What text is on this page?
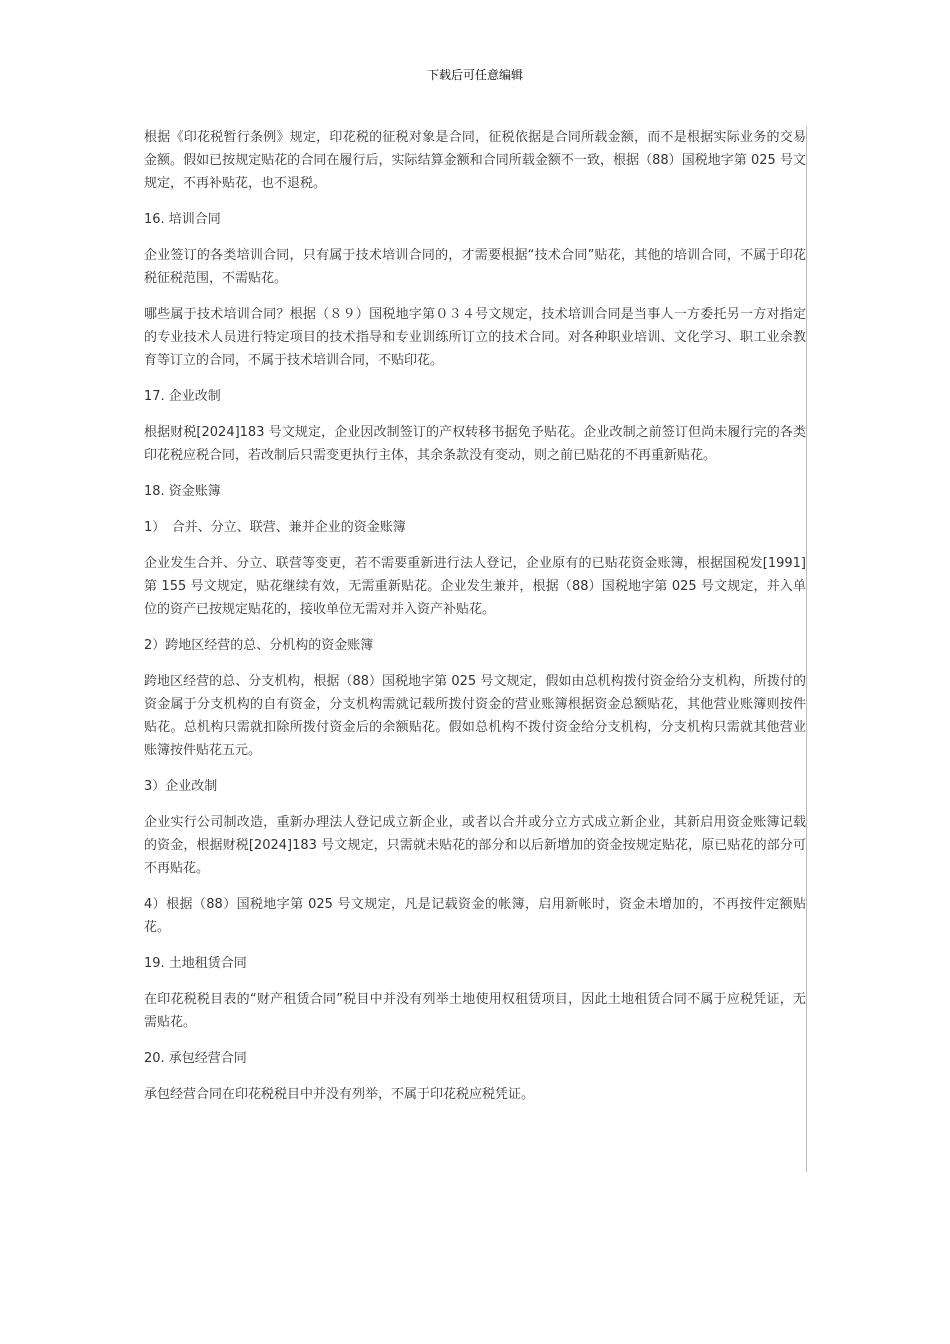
下载后可任意编辑

根据《印花税暂行条例》规定，印花税的征税对象是合同，征税依据是合同所载金额，而不是根据实际业务的交易金额。假如已按规定贴花的合同在履行后，实际结算金额和合同所载金额不一致，根据（88）国税地字第 025 号文规定，不再补贴花，也不退税。

16. 培训合同

企业签订的各类培训合同，只有属于技术培训合同的，才需要根据“技术合同”贴花，其他的培训合同，不属于印花税征税范围，不需贴花。

哪些属于技术培训合同？根据（８９）国税地字第０３４号文规定，技术培训合同是当事人一方委托另一方对指定的专业技术人员进行特定项目的技术指导和专业训练所订立的技术合同。对各种职业培训、文化学习、职工业余教育等订立的合同，不属于技术培训合同，不贴印花。

17. 企业改制

根据财税[2024]183 号文规定，企业因改制签订的产权转移书据免予贴花。企业改制之前签订但尚未履行完的各类印花税应税合同，若改制后只需变更执行主体，其余条款没有变动，则之前已贴花的不再重新贴花。

18. 资金账簿

1）　合并、分立、联营、兼并企业的资金账簿

企业发生合并、分立、联营等变更，若不需要重新进行法人登记，企业原有的已贴花资金账簿，根据国税发[1991]第 155 号文规定，贴花继续有效，无需重新贴花。企业发生兼并，根据（88）国税地字第 025 号文规定，并入单位的资产已按规定贴花的，接收单位无需对并入资产补贴花。

2）跨地区经营的总、分机构的资金账簿

跨地区经营的总、分支机构，根据（88）国税地字第 025 号文规定，假如由总机构拨付资金给分支机构，所拨付的资金属于分支机构的自有资金，分支机构需就记载所拨付资金的营业账簿根据资金总额贴花，其他营业账簿则按件贴花。总机构只需就扣除所拨付资金后的余额贴花。假如总机构不拨付资金给分支机构，分支机构只需就其他营业账簿按件贴花五元。

3）企业改制

企业实行公司制改造，重新办理法人登记成立新企业，或者以合并或分立方式成立新企业，其新启用资金账簿记载的资金，根据财税[2024]183 号文规定，只需就未贴花的部分和以后新增加的资金按规定贴花，原已贴花的部分可不再贴花。

4）根据（88）国税地字第 025 号文规定，凡是记载资金的帐簿，启用新帐时，资金未增加的，不再按件定额贴花。

19. 土地租赁合同

在印花税税目表的“财产租赁合同”税目中并没有列举土地使用权租赁项目，因此土地租赁合同不属于应税凭证，无需贴花。

20. 承包经营合同

承包经营合同在印花税税目中并没有列举，不属于印花税应税凭证。
